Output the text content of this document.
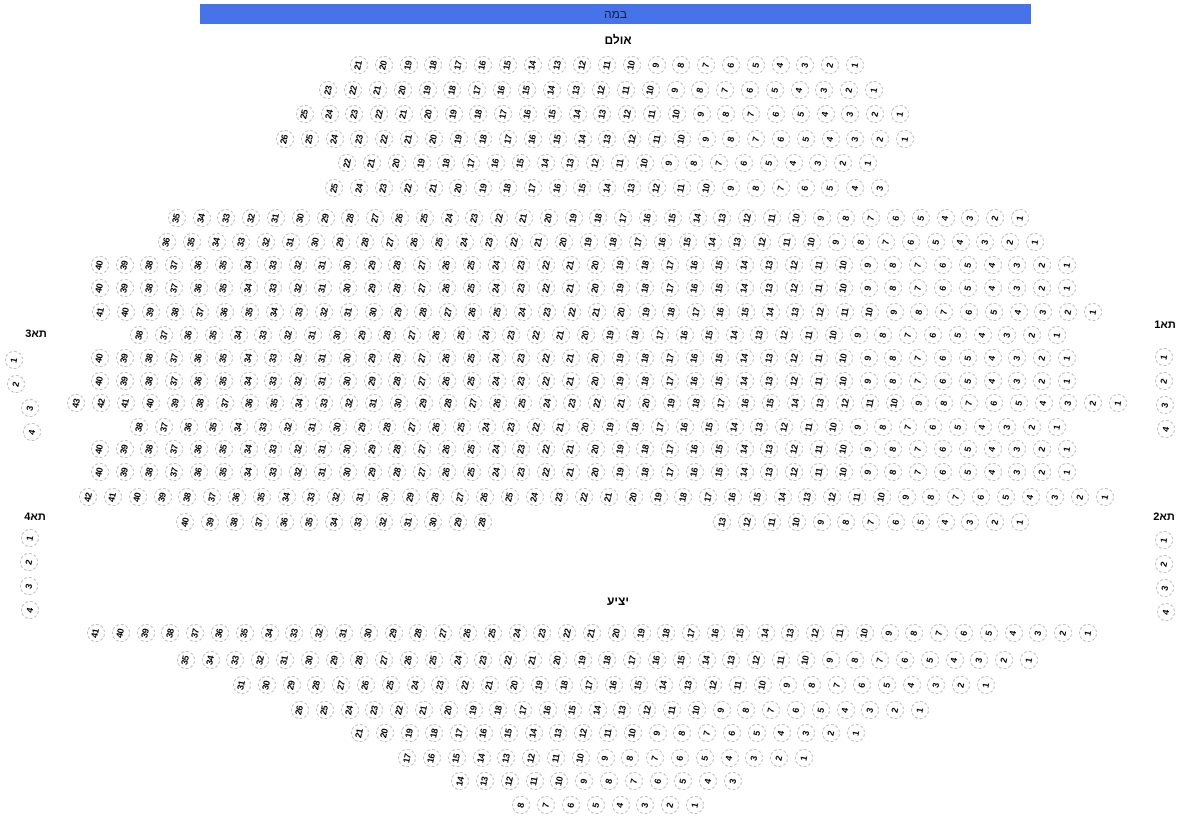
במה
אולם
יציע
1
2
3
4
5
6
7
8
9
10
11
12
13
14
15
16
17
18
19
20
21
1
2
3
4
5
6
7
8
9
10
11
12
13
14
15
16
17
18
19
20
21
22
23
1
2
3
4
5
6
7
8
9
10
11
12
13
14
15
16
17
18
19
20
21
22
23
24
25
1
2
3
4
5
6
7
8
9
10
11
12
13
14
15
16
17
18
19
20
21
22
23
24
25
26
1
2
3
4
5
6
7
8
9
10
11
12
13
14
15
16
17
18
19
20
21
22
3
4
5
6
7
8
9
10
11
12
13
14
15
16
17
18
19
20
21
22
23
24
25
1
2
3
4
5
6
7
8
9
10
11
12
13
14
15
16
17
18
19
20
21
22
23
24
25
26
27
28
29
30
31
32
33
34
35
1
2
3
4
5
6
7
8
9
10
11
12
13
14
15
16
17
18
19
20
21
22
23
24
25
26
27
28
29
30
31
32
33
34
35
36
1
2
3
4
5
6
7
8
9
10
11
12
13
14
15
16
17
18
19
20
21
22
23
24
25
26
27
28
29
30
31
32
33
34
35
36
37
38
39
40
1
2
3
4
5
6
7
8
9
10
11
12
13
14
15
16
17
18
19
20
21
22
23
24
25
26
27
28
29
30
31
32
33
34
35
36
37
38
39
40
1
2
3
4
5
6
7
8
9
10
11
12
13
14
15
16
17
18
19
20
21
22
23
24
25
26
27
28
29
30
31
32
33
34
35
36
37
38
39
40
41
1
2
3
4
5
6
7
8
9
10
11
12
13
14
15
16
17
18
19
20
21
22
23
24
25
26
27
28
29
30
31
32
33
34
35
36
37
38
1
2
3
4
5
6
7
8
9
10
11
12
13
14
15
16
17
18
19
20
21
22
23
24
25
26
27
28
29
30
31
32
33
34
35
36
37
38
39
40
1
2
3
4
5
6
7
8
9
10
11
12
13
14
15
16
17
18
19
20
21
22
23
24
25
26
27
28
29
30
31
32
33
34
35
36
37
38
39
40
1
2
3
4
5
6
7
8
9
10
11
12
13
14
15
16
17
18
19
20
21
22
23
24
25
26
27
28
29
30
31
32
33
34
35
36
37
38
39
40
41
42
43
1
2
3
4
5
6
7
8
9
10
11
12
13
14
15
16
17
18
19
20
21
22
23
24
25
26
27
28
29
30
31
32
33
34
35
36
37
38
1
2
3
4
5
6
7
8
9
10
11
12
13
14
15
16
17
18
19
20
21
22
23
24
25
26
27
28
29
30
31
32
33
34
35
36
37
38
39
40
1
2
3
4
5
6
7
8
9
10
11
12
13
14
15
16
17
18
19
20
21
22
23
24
25
26
27
28
29
30
31
32
33
34
35
36
37
38
39
40
1
2
3
4
5
6
7
8
9
10
11
12
13
14
15
16
17
18
19
20
21
22
23
24
25
26
27
28
29
30
31
32
33
34
35
36
37
38
39
40
41
42
1
2
3
4
5
6
7
8
9
10
11
12
13
28
29
30
31
32
33
34
35
36
37
38
39
40
1
2
3
4
5
6
7
8
9
10
11
12
13
14
15
16
17
18
19
20
21
22
23
24
25
26
27
28
29
30
31
32
33
34
35
36
37
38
39
40
41
1
2
3
4
5
6
7
8
9
10
11
12
13
14
15
16
17
18
19
20
21
22
23
24
25
26
27
28
29
30
31
32
33
34
35
1
2
3
4
5
6
7
8
9
10
11
12
13
14
15
16
17
18
19
20
21
22
23
24
25
26
27
28
29
30
31
1
2
3
4
5
6
7
8
9
10
11
12
13
14
15
16
17
18
19
20
21
22
23
24
25
26
1
2
3
4
5
6
7
8
9
10
11
12
13
14
15
16
17
18
19
20
21
1
2
3
4
5
6
7
8
9
10
11
12
13
14
15
16
17
3
4
5
6
7
8
9
10
11
12
13
14
1
2
3
4
5
6
7
8
3תא
1
2
3
4
4תא
1
2
3
4
1תא
1
2
3
4
2תא
1
2
3
4
